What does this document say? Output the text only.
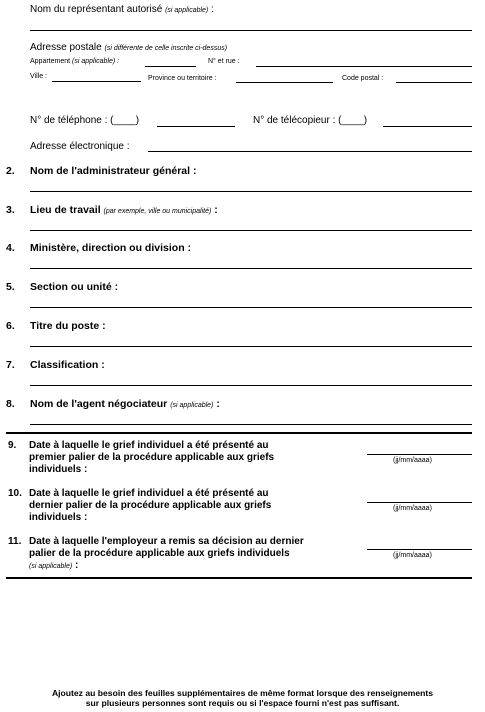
Nom du représentant autorisé (si applicable) :
Adresse postale (si différente de celle inscrite ci-dessus)
Appartement (si applicable) :	N° et rue :
Ville :	Province ou territoire :	Code postal :
N° de téléphone : (____)	N° de télécopieur : (____)
Adresse électronique :
2. Nom de l'administrateur général :
3. Lieu de travail (par exemple, ville ou municipalité) :
4. Ministère, direction ou division :
5. Section ou unité :
6. Titre du poste :
7. Classification :
8. Nom de l'agent négociateur (si applicable) :
9. Date à laquelle le grief individuel a été présenté au
premier palier de la procédure applicable aux griefs
individuels :
(jj/mm/aaaa)
10. Date à laquelle le grief individuel a été présenté au
dernier palier de la procédure applicable aux griefs
individuels :
(jj/mm/aaaa)
11. Date à laquelle l'employeur a remis sa décision au dernier
palier de la procédure applicable aux griefs individuels
(si applicable) :
(jj/mm/aaaa)
Ajoutez au besoin des feuilles supplémentaires de même format lorsque des renseignements
sur plusieurs personnes sont requis ou si l'espace fourni n'est pas suffisant.
